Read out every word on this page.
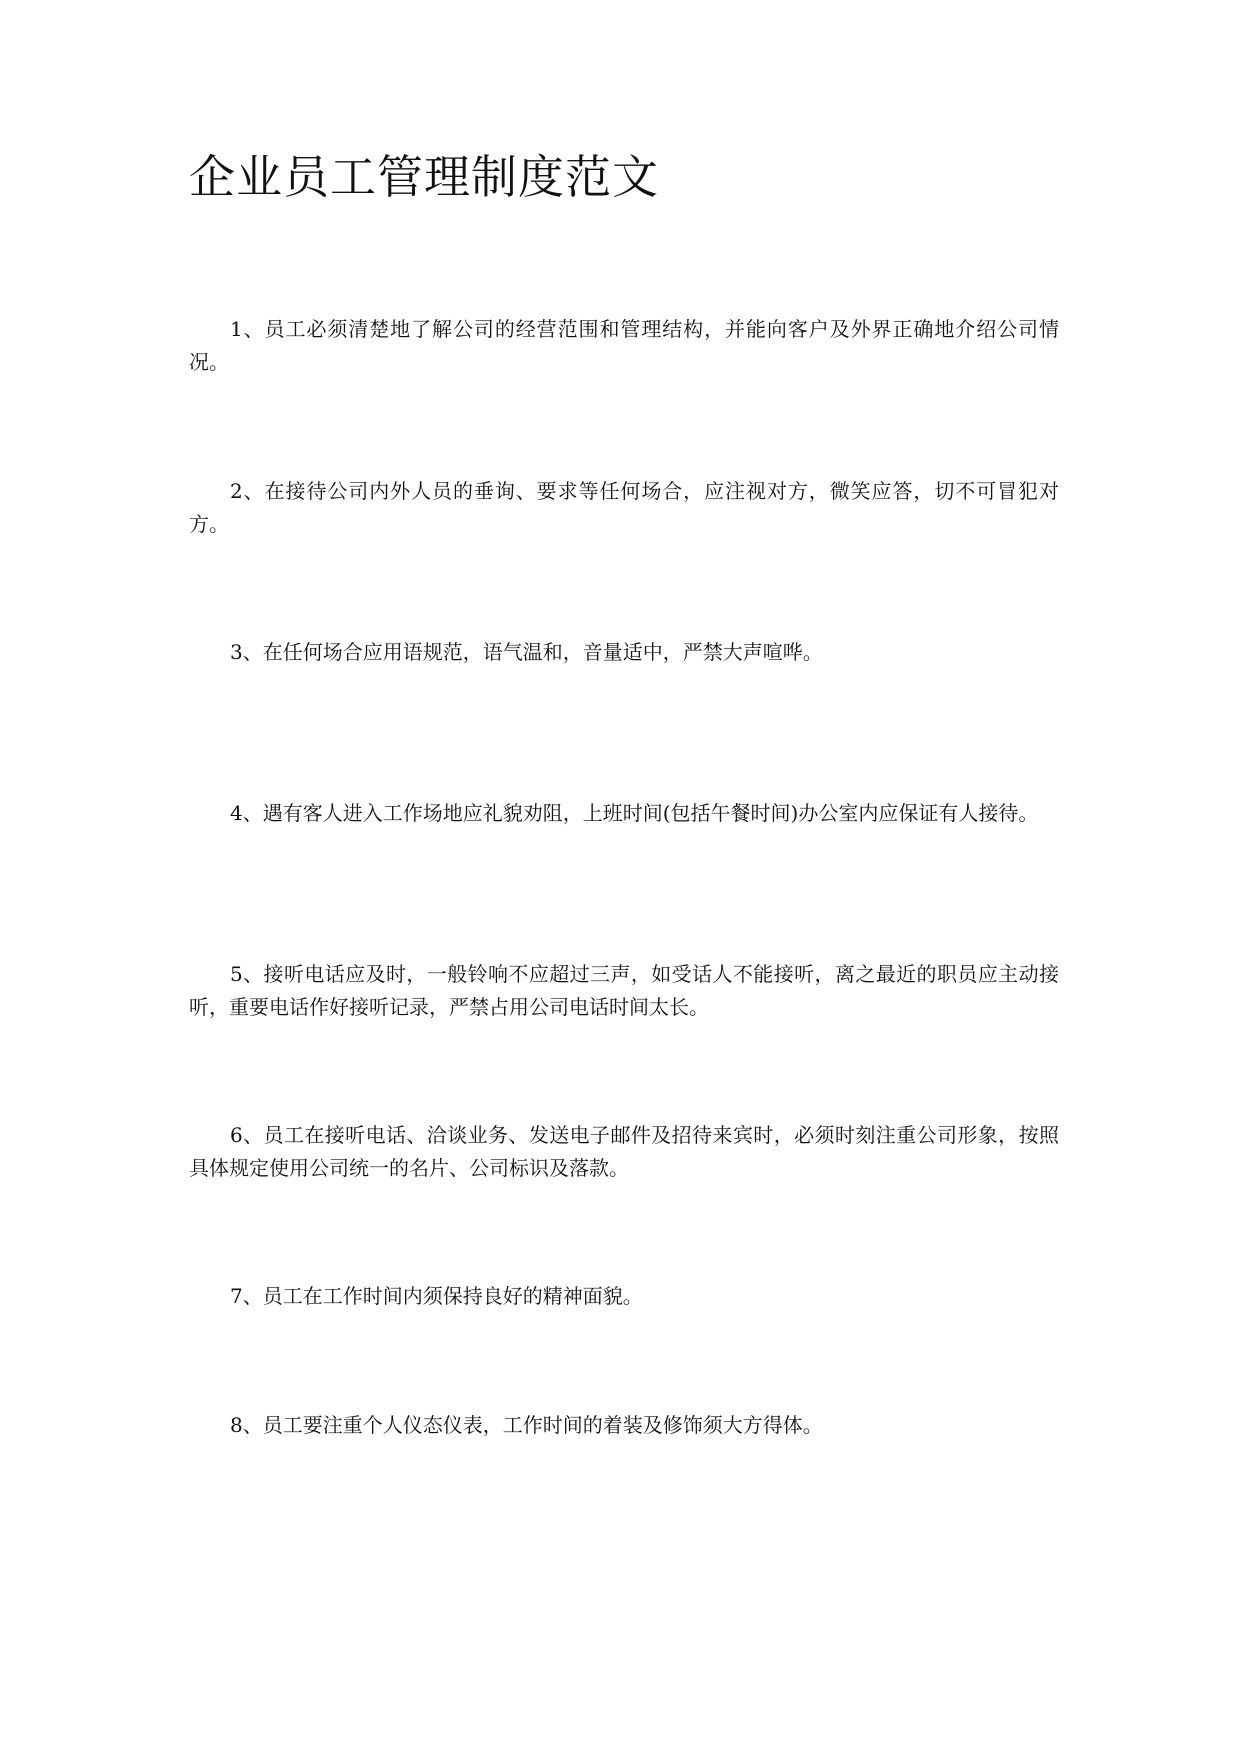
企业员工管理制度范文

1、员工必须清楚地了解公司的经营范围和管理结构，并能向客户及外界正确地介绍公司情况。

2、在接待公司内外人员的垂询、要求等任何场合，应注视对方，微笑应答，切不可冒犯对方。

3、在任何场合应用语规范，语气温和，音量适中，严禁大声喧哗。

4、遇有客人进入工作场地应礼貌劝阻，上班时间(包括午餐时间)办公室内应保证有人接待。

5、接听电话应及时，一般铃响不应超过三声，如受话人不能接听，离之最近的职员应主动接听，重要电话作好接听记录，严禁占用公司电话时间太长。

6、员工在接听电话、洽谈业务、发送电子邮件及招待来宾时，必须时刻注重公司形象，按照具体规定使用公司统一的名片、公司标识及落款。

7、员工在工作时间内须保持良好的精神面貌。

8、员工要注重个人仪态仪表，工作时间的着装及修饰须大方得体。
